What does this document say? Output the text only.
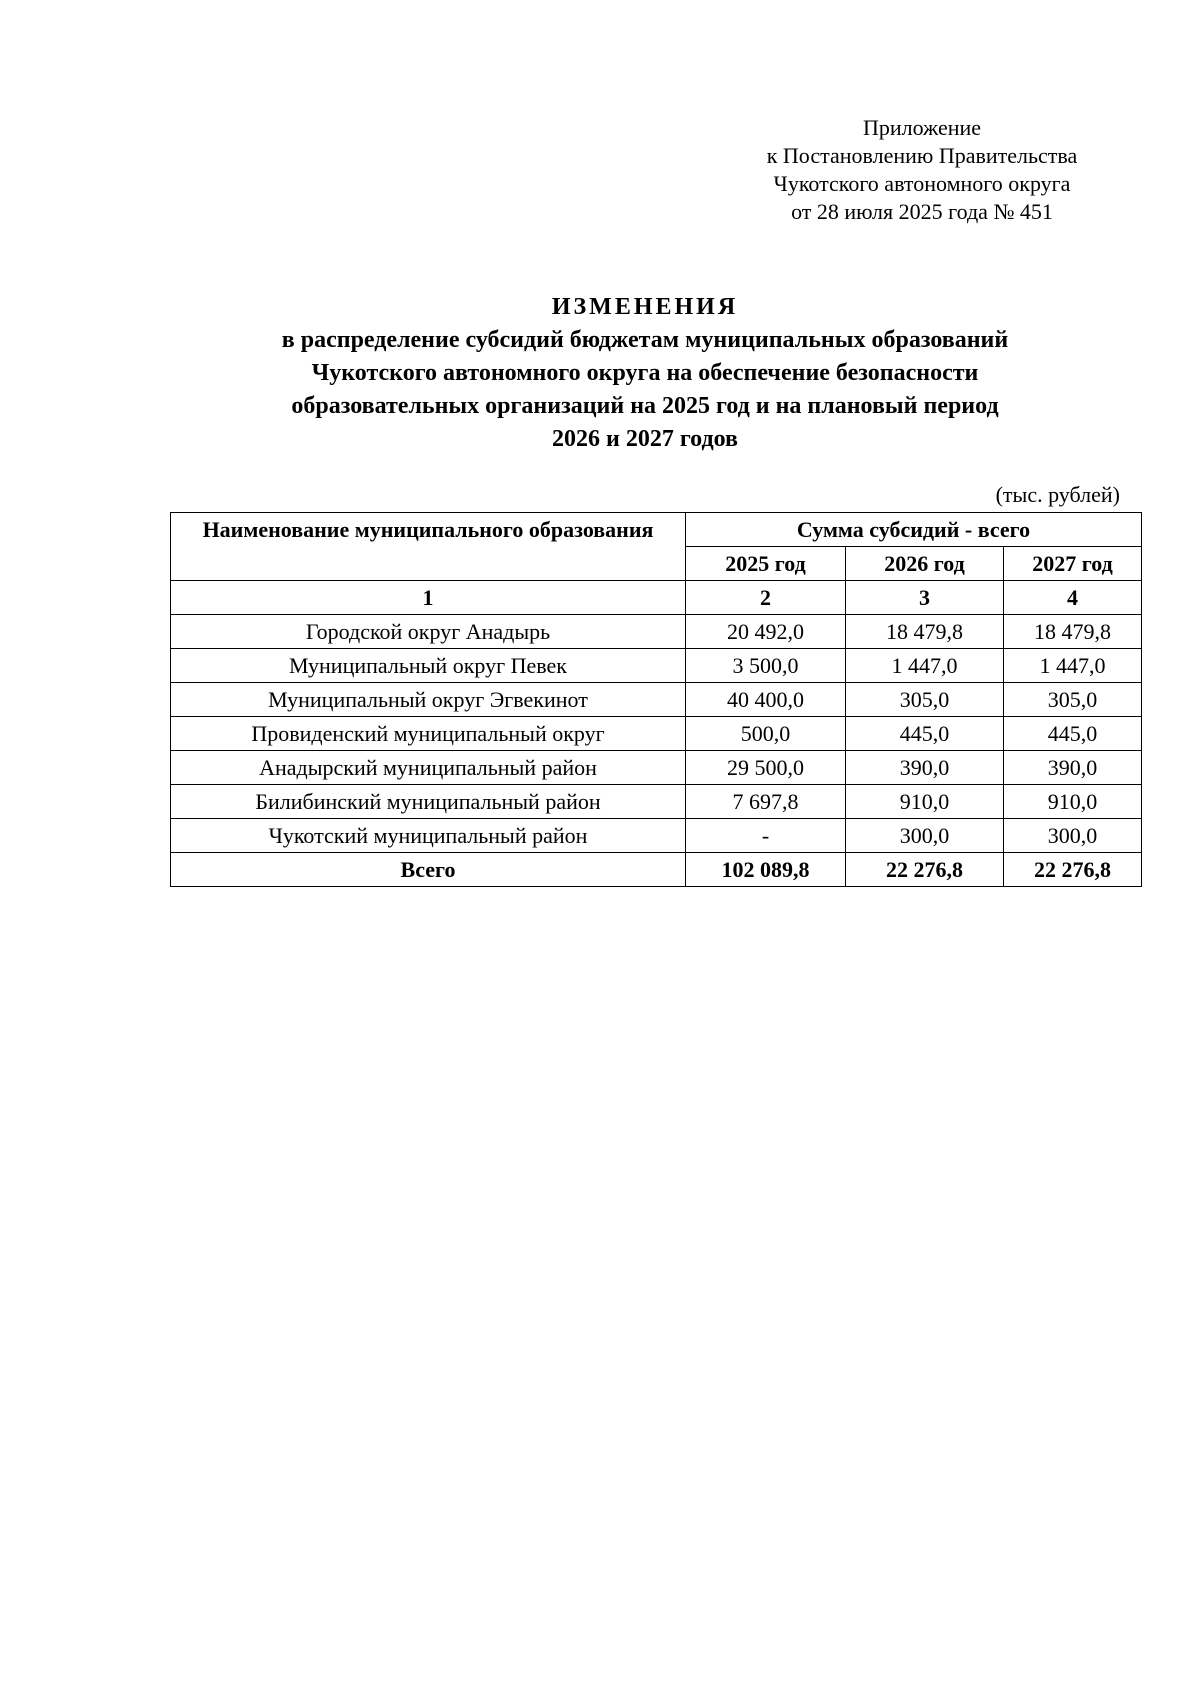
Приложение
к Постановлению Правительства
Чукотского автономного округа
от 28 июля 2025 года № 451
ИЗМЕНЕНИЯ
в распределение субсидий бюджетам муниципальных образований
Чукотского автономного округа на обеспечение безопасности
образовательных организаций на 2025 год и на плановый период
2026 и 2027 годов
(тыс. рублей)
Наименование муниципального образования	Сумма субсидий - всего		
	2025 год	2026 год	2027 год
1	2	3	4
Городской округ Анадырь	20 492,0	18 479,8	18 479,8
Муниципальный округ Певек	3 500,0	1 447,0	1 447,0
Муниципальный округ Эгвекинот	40 400,0	305,0	305,0
Провиденский муниципальный округ	500,0	445,0	445,0
Анадырский муниципальный район	29 500,0	390,0	390,0
Билибинский муниципальный район	7 697,8	910,0	910,0
Чукотский муниципальный район	-	300,0	300,0
Всего	102 089,8	22 276,8	22 276,8
